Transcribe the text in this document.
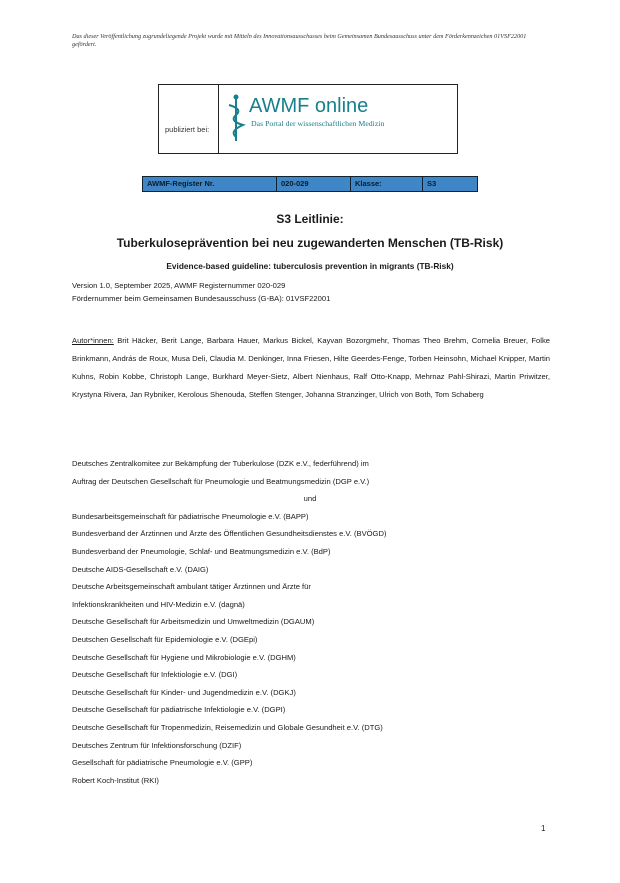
Das dieser Veröffentlichung zugrundeliegende Projekt wurde mit Mitteln des Innovationsausschusses beim Gemeinsamen Bundesausschuss unter dem Förderkennzeichen 01VSF22001 gefördert.
publiziert bei:
AWMF online
Das Portal der wissenschaftlichen Medizin
AWMF-Register Nr.	020-029	Klasse:	S3
S3 Leitlinie:
Tuberkuloseprävention bei neu zugewanderten Menschen (TB-Risk)
Evidence-based guideline: tuberculosis prevention in migrants (TB-Risk)
Version 1.0, September 2025, AWMF Registernummer 020-029
Fördernummer beim Gemeinsamen Bundesausschuss (G-BA): 01VSF22001
Autor*innen: Brit Häcker, Berit Lange, Barbara Hauer, Markus Bickel, Kayvan Bozorgmehr, Thomas Theo Brehm, Cornelia Breuer, Folke Brinkmann, András de Roux, Musa Deli, Claudia M. Denkinger, Inna Friesen, Hilte Geerdes-Fenge, Torben Heinsohn, Michael Knipper, Martin Kuhns, Robin Kobbe, Christoph Lange, Burkhard Meyer-Sietz, Albert Nienhaus, Ralf Otto-Knapp, Mehrnaz Pahl-Shirazi, Martin Priwitzer, Krystyna Rivera, Jan Rybniker, Kerolous Shenouda, Steffen Stenger, Johanna Stranzinger, Ulrich von Both, Tom Schaberg
Deutsches Zentralkomitee zur Bekämpfung der Tuberkulose (DZK e.V., federführend) im
Auftrag der Deutschen Gesellschaft für Pneumologie und Beatmungsmedizin (DGP e.V.)
und
Bundesarbeitsgemeinschaft für pädiatrische Pneumologie e.V. (BAPP)
Bundesverband der Ärztinnen und Ärzte des Öffentlichen Gesundheitsdienstes e.V. (BVÖGD)
Bundesverband der Pneumologie, Schlaf- und Beatmungsmedizin e.V. (BdP)
Deutsche AIDS-Gesellschaft e.V. (DAIG)
Deutsche Arbeitsgemeinschaft ambulant tätiger Ärztinnen und Ärzte für
Infektionskrankheiten und HIV-Medizin e.V. (dagnä)
Deutsche Gesellschaft für Arbeitsmedizin und Umweltmedizin (DGAUM)
Deutschen Gesellschaft für Epidemiologie e.V. (DGEpi)
Deutsche Gesellschaft für Hygiene und Mikrobiologie e.V. (DGHM)
Deutsche Gesellschaft für Infektiologie e.V. (DGI)
Deutsche Gesellschaft für Kinder- und Jugendmedizin e.V. (DGKJ)
Deutsche Gesellschaft für pädiatrische Infektiologie e.V. (DGPI)
Deutsche Gesellschaft für Tropenmedizin, Reisemedizin und Globale Gesundheit e.V. (DTG)
Deutsches Zentrum für Infektionsforschung (DZIF)
Gesellschaft für pädiatrische Pneumologie e.V. (GPP)
Robert Koch-Institut (RKI)
1
